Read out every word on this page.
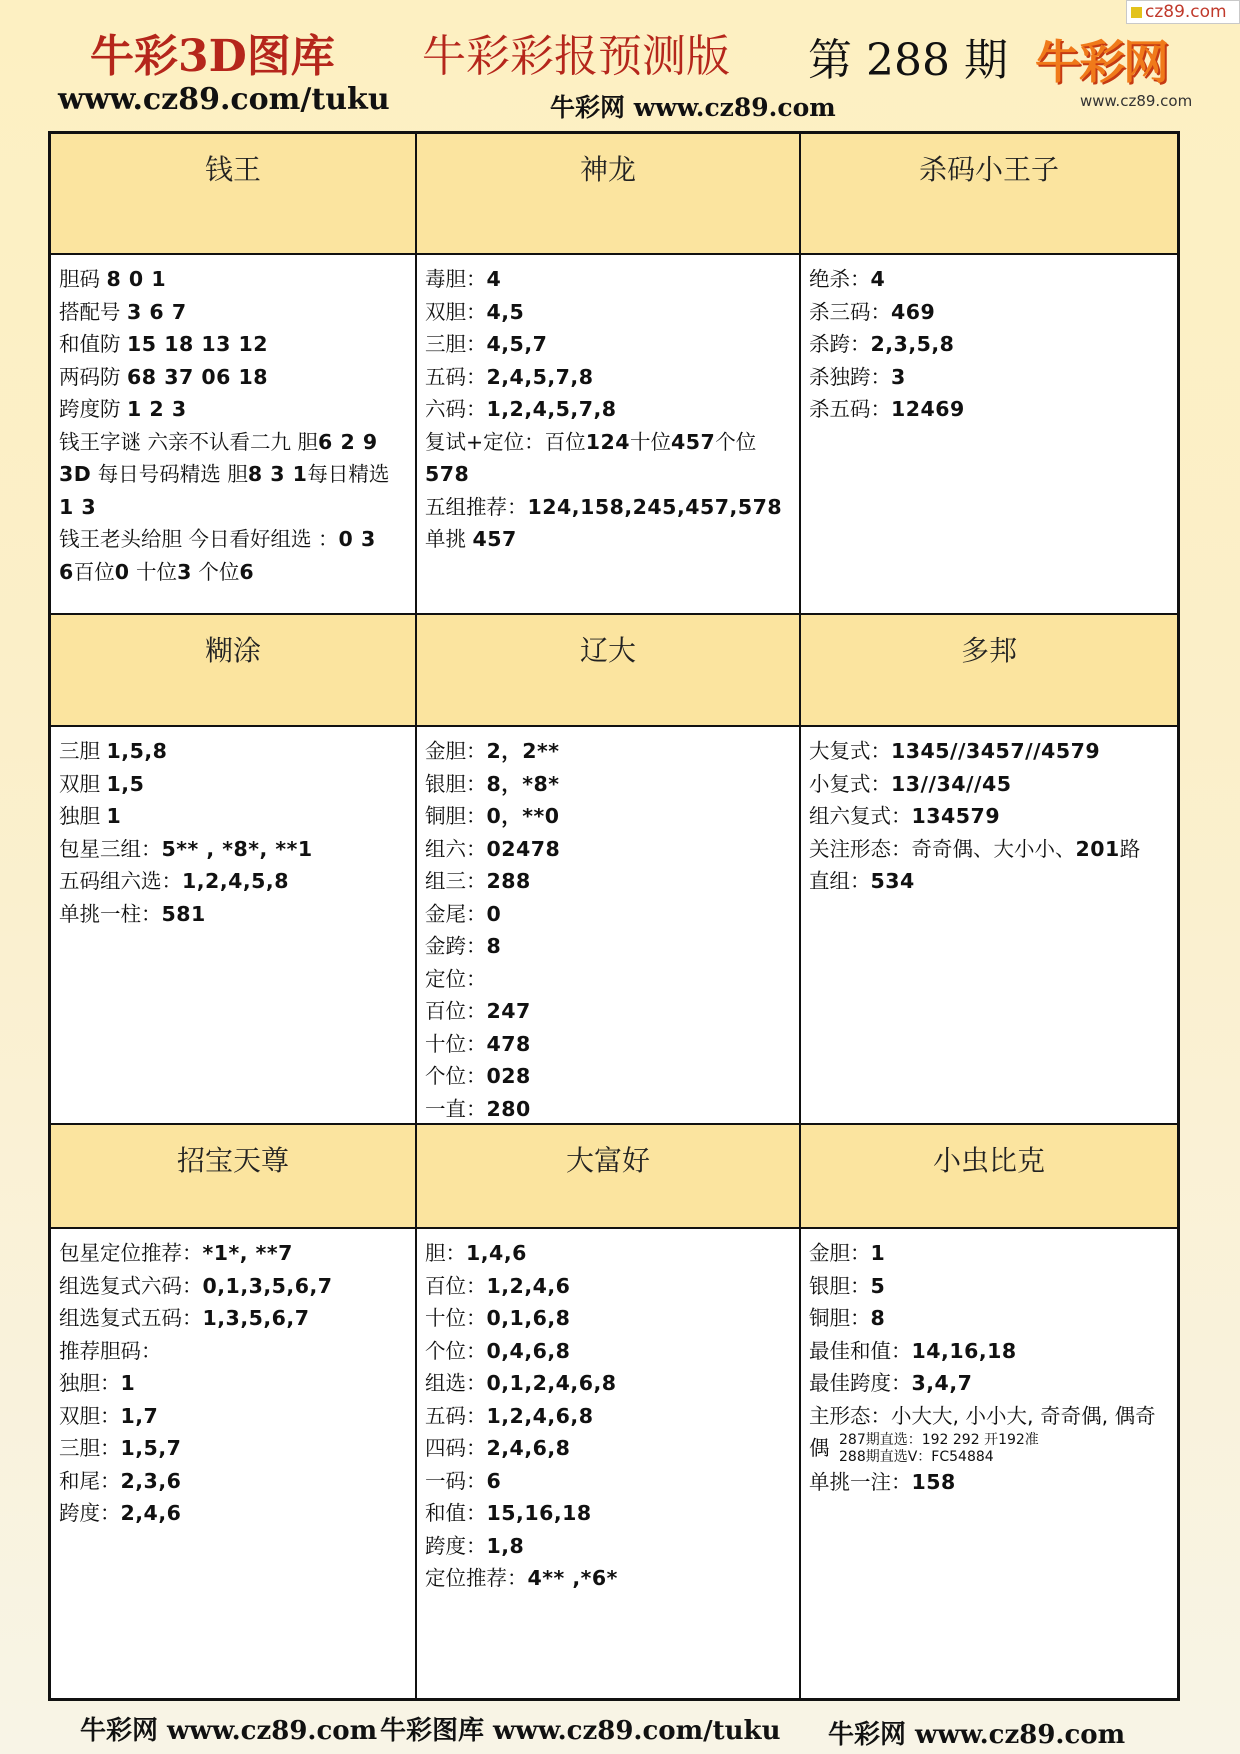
cz89.com
牛彩3D图库 牛彩彩报预测版 第 288 期
www.cz89.com/tuku	牛彩网 www.cz89.com
牛彩网
www.cz89.com
钱王
胆码 8 0 1
搭配号 3 6 7
和值防 15 18 13 12
两码防 68 37 06 18
跨度防 1 2 3
钱王字谜 六亲不认看二九 胆6 2 9
3D 每日号码精选 胆8 3 1每日精选
1 3
钱王老头给胆 今日看好组选 ：0 3
6百位0 十位3 个位6
神龙
毒胆：4
双胆：4,5
三胆：4,5,7
五码：2,4,5,7,8
六码：1,2,4,5,7,8
复试+定位：百位124十位457个位
578
五组推荐：124,158,245,457,578
单挑 457
杀码小王子
绝杀：4
杀三码：469
杀跨：2,3,5,8
杀独跨：3
杀五码：12469
糊涂
三胆 1,5,8
双胆 1,5
独胆 1
包星三组：5** , *8*, **1
五码组六选：1,2,4,5,8
单挑一柱：581
辽大
金胆：2，2**
银胆：8，*8*
铜胆：0，**0
组六：02478
组三：288
金尾：0
金跨：8
定位：
百位：247
十位：478
个位：028
一直：280
多邦
大复式：1345//3457//4579
小复式：13//34//45
组六复式：134579
关注形态：奇奇偶、大小小、201路
直组：534
招宝天尊
包星定位推荐：*1*, **7
组选复式六码：0,1,3,5,6,7
组选复式五码：1,3,5,6,7
推荐胆码：
独胆：1
双胆：1,7
三胆：1,5,7
和尾：2,3,6
跨度：2,4,6
大富好
胆：1,4,6
百位：1,2,4,6
十位：0,1,6,8
个位：0,4,6,8
组选：0,1,2,4,6,8
五码：1,2,4,6,8
四码：2,4,6,8
一码：6
和值：15,16,18
跨度：1,8
定位推荐：4** ,*6*
小虫比克
金胆：1
银胆：5
铜胆：8
最佳和值：14,16,18
最佳跨度：3,4,7
主形态：小大大, 小小大, 奇奇偶, 偶奇
偶 287期直选：192 292 开192准
288期直选V：FC54884
单挑一注：158
牛彩网 www.cz89.com 牛彩图库 www.cz89.com/tuku 牛彩网 www.cz89.com
